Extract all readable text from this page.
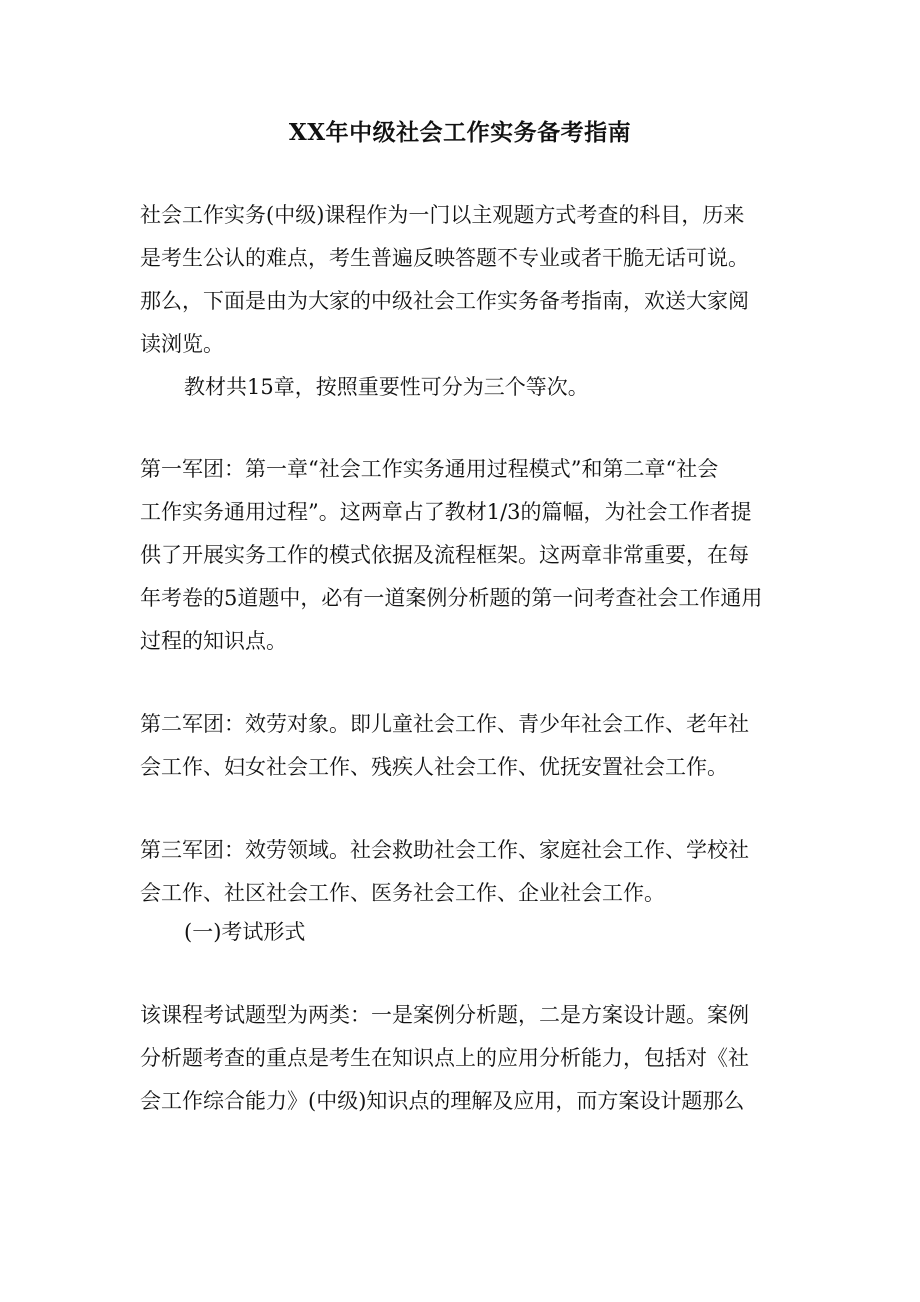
XX年中级社会工作实务备考指南
社会工作实务(中级)课程作为一门以主观题方式考查的科目，历来
是考生公认的难点，考生普遍反映答题不专业或者干脆无话可说。
那么，下面是由为大家的中级社会工作实务备考指南，欢送大家阅
读浏览。
教材共15章，按照重要性可分为三个等次。
第一军团：第一章“社会工作实务通用过程模式”和第二章“社会
工作实务通用过程”。这两章占了教材1/3的篇幅，为社会工作者提
供了开展实务工作的模式依据及流程框架。这两章非常重要，在每
年考卷的5道题中，必有一道案例分析题的第一问考查社会工作通用
过程的知识点。
第二军团：效劳对象。即儿童社会工作、青少年社会工作、老年社
会工作、妇女社会工作、残疾人社会工作、优抚安置社会工作。
第三军团：效劳领域。社会救助社会工作、家庭社会工作、学校社
会工作、社区社会工作、医务社会工作、企业社会工作。
(一)考试形式
该课程考试题型为两类：一是案例分析题，二是方案设计题。案例
分析题考查的重点是考生在知识点上的应用分析能力，包括对《社
会工作综合能力》(中级)知识点的理解及应用，而方案设计题那么
